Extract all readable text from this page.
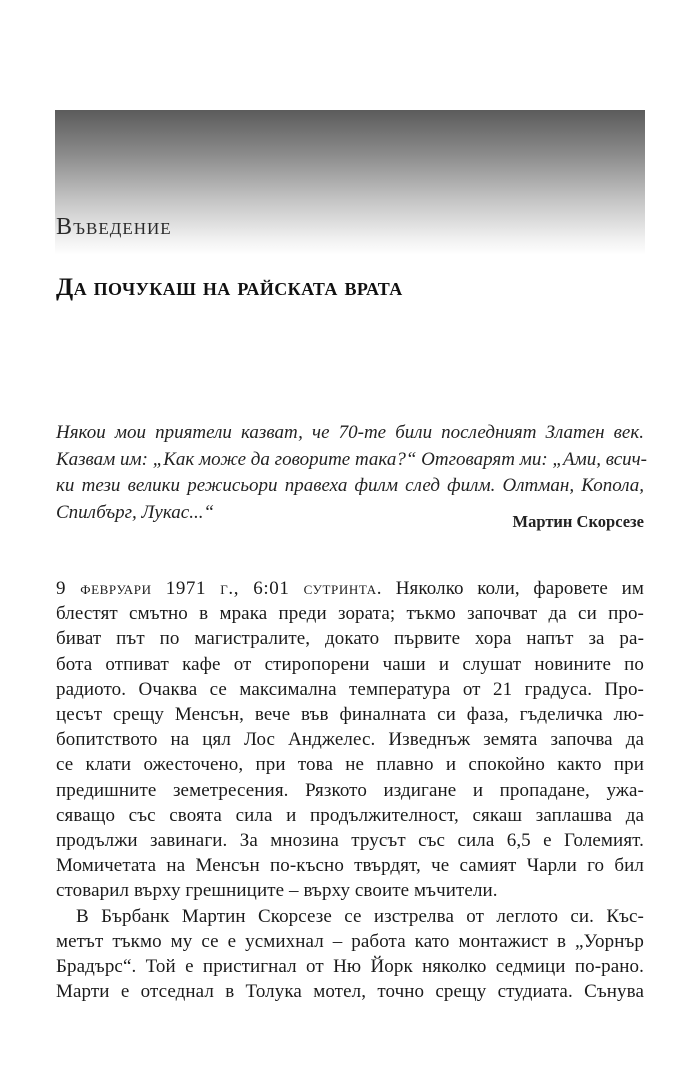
Въведение
Да почукаш на райската врата
Някои мои приятели казват, че 70-те били последният Златен век.
Казвам им: „Как може да говорите така?“ Отговарят ми: „Ами, всич-
ки тези велики режисьори правеха филм след филм. Олтман, Копола,
Спилбърг, Лукас...“	Мартин Скорсезе

9 февруари 1971 г., 6:01 сутринта. Няколко коли, фаровете им
блестят смътно в мрака преди зората; тъкмо започват да си про-
биват път по магистралите, докато първите хора напът за ра-
бота отпиват кафе от стиропорени чаши и слушат новините по
радиото. Очаква се максимална температура от 21 градуса. Про-
цесът срещу Менсън, вече във финалната си фаза, гъделичка лю-
бопитството на цял Лос Анджелес. Изведнъж земята започва да
се клати ожесточено, при това не плавно и спокойно както при
предишните земетресения. Рязкото издигане и пропадане, ужа-
сяващо със своята сила и продължителност, сякаш заплашва да
продължи завинаги. За мнозина трусът със сила 6,5 е Големият.
Момичетата на Менсън по-късно твърдят, че самият Чарли го бил
стоварил върху грешниците – върху своите мъчители.
В Бърбанк Мартин Скорсезе се изстрелва от леглото си. Къс-
метът тъкмо му се е усмихнал – работа като монтажист в „Уорнър
Брадърс“. Той е пристигнал от Ню Йорк няколко седмици по-рано.
Марти е отседнал в Толука мотел, точно срещу студиата. Сънува
